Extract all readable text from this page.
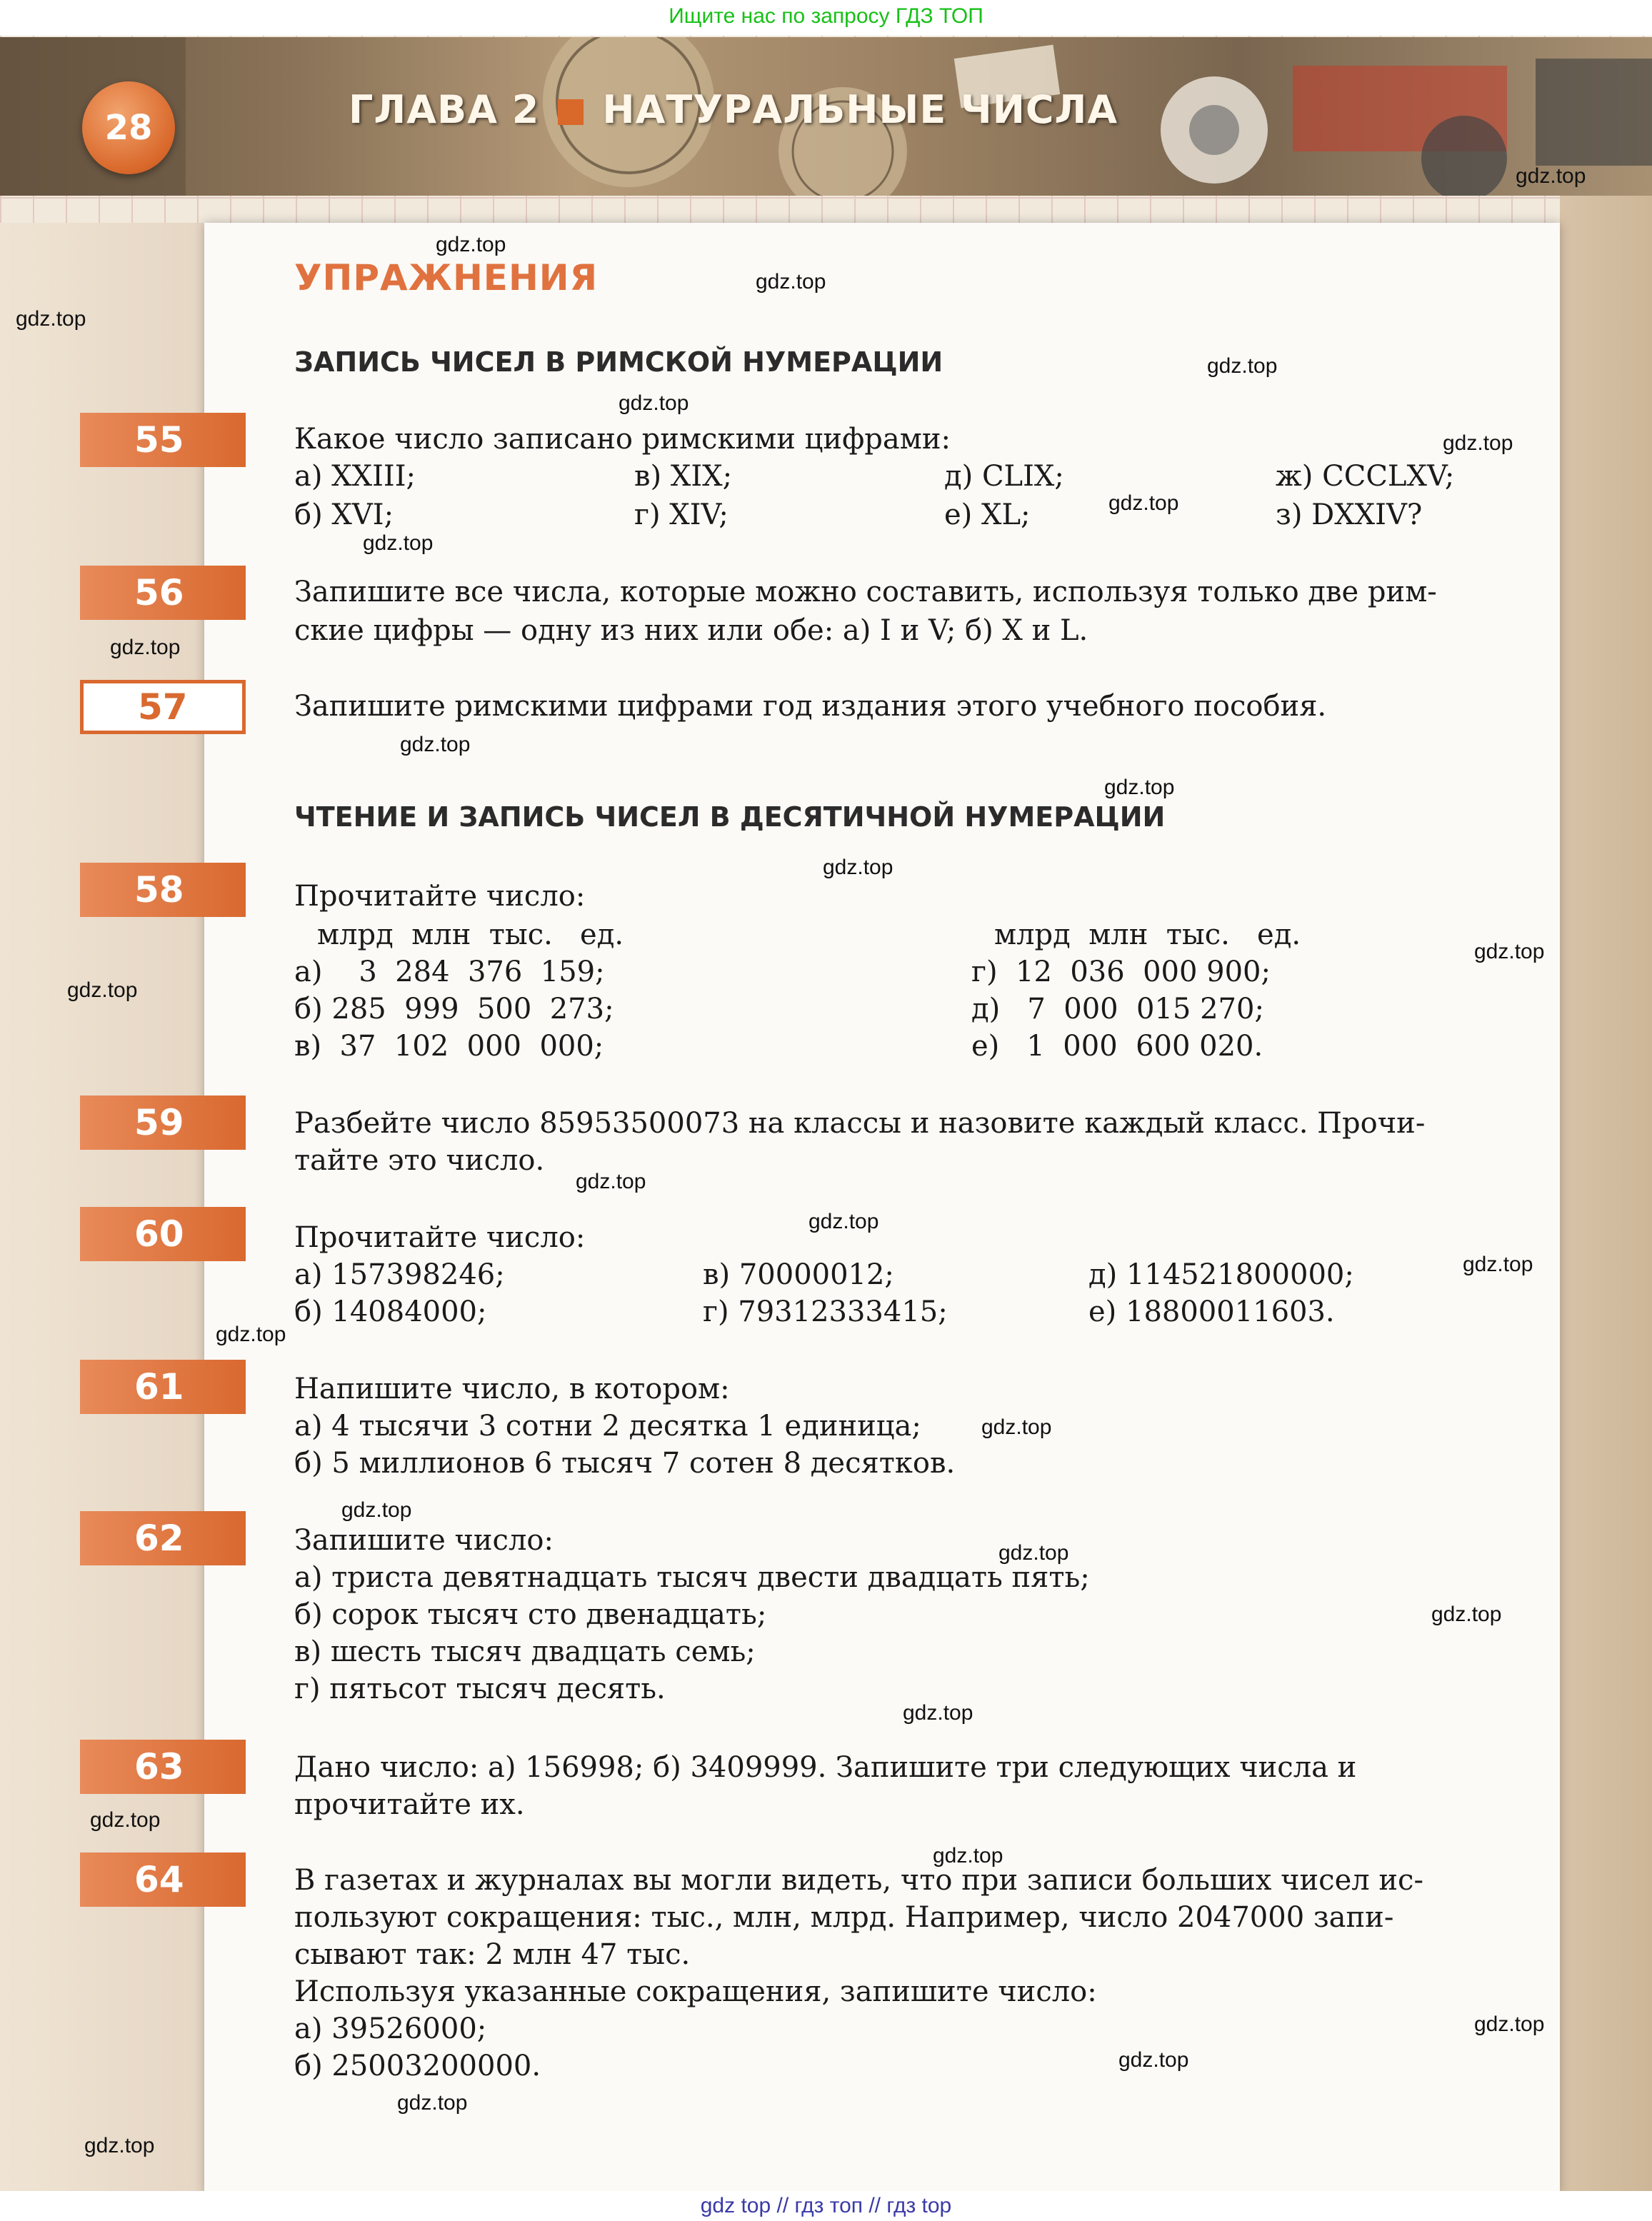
Ищите нас по запросу ГДЗ ТОП
28	ГЛАВА 2 НАТУРАЛЬНЫЕ ЧИСЛА
УПРАЖНЕНИЯ
ЗАПИСЬ ЧИСЕЛ В РИМСКОЙ НУМЕРАЦИИ
55	Какое число записано римскими цифрами:
а) XXIII;	в) XIX;	д) CLIX;	ж) CCCLXV;
б) XVI;	г) XIV;	е) XL;	з) DXXIV?
56	Запишите все числа, которые можно составить, используя только две рим-
ские цифры — одну из них или обе: а) I и V; б) X и L.
57	Запишите римскими цифрами год издания этого учебного пособия.
ЧТЕНИЕ И ЗАПИСЬ ЧИСЕЛ В ДЕСЯТИЧНОЙ НУМЕРАЦИИ
58	Прочитайте число:
млрд  млн  тыс.   ед.	млрд  млн  тыс.   ед.
а)    3  284  376  159;	г)  12  036  000 900;
б) 285  999  500  273;	д)   7  000  015 270;
в)  37  102  000  000;	е)   1  000  600 020.
59	Разбейте число 85953500073 на классы и назовите каждый класс. Прочи-
тайте это число.
60	Прочитайте число:
а) 157398246;	в) 70000012;	д) 114521800000;
б) 14084000;	г) 79312333415;	е) 18800011603.
61	Напишите число, в котором:
а) 4 тысячи 3 сотни 2 десятка 1 единица;
б) 5 миллионов 6 тысяч 7 сотен 8 десятков.
62	Запишите число:
а) триста девятнадцать тысяч двести двадцать пять;
б) сорок тысяч сто двенадцать;
в) шесть тысяч двадцать семь;
г) пятьсот тысяч десять.
63	Дано число: а) 156998; б) 3409999. Запишите три следующих числа и
прочитайте их.
64	В газетах и журналах вы могли видеть, что при записи больших чисел ис-
пользуют сокращения: тыс., млн, млрд. Например, число 2047000 запи-
сывают так: 2 млн 47 тыс.
Используя указанные сокращения, запишите число:
а) 39526000;
б) 25003200000.
gdz.top
gdz.top
gdz.top
gdz.top
gdz.top
gdz.top
gdz.top
gdz.top
gdz.top
gdz.top
gdz.top
gdz.top
gdz.top
gdz.top
gdz.top
gdz.top
gdz.top
gdz.top
gdz.top
gdz.top
gdz.top
gdz.top
gdz.top
gdz.top
gdz.top
gdz.top
gdz.top
gdz.top
gdz.top
gdz.top
gdz top // гдз топ // гдз top
